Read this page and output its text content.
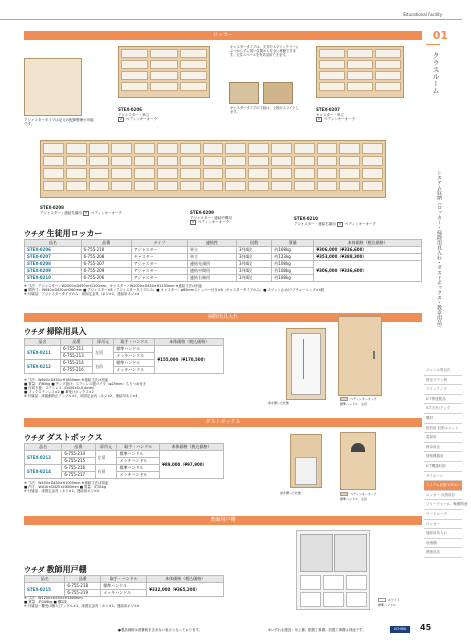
Educational Facility
01
クラスルーム
システム収納（ロッカー・掃除用具入れ・ダストボックス・教卓用品）
ジャンル別目次
教室プラン例
ラインアップ
ICT関連製品
ICT天吊/ラック
機材
配信用 収納ユニット
電源用
教卓用品
情報機器用
ICT機器収納
サイネージ
システム収納 STEXシリーズ
ロッカー 収納用品
フリーウォール、軸棚関連
ワードロープ
ロッカー
掃除用具入れ
収納棚
関連用品
ロッカー
アジャスタータイプは足元の配線整理が可能です。
キャスタータイプは、天井やスプリンクラーにぶつからずに低い位置から安全に移動できます。天井スペースを有効活用できます。
キャスタータイプの下段は、上段がスライドします。
STEX-0206
アジャスター・単立
2 ペディンキーオーク
STEX-0207
キャスター・単立
2 ペディンキーオーク
STEX-0208
アジャスター・連結先頭用 3 ペディンキーオーク	STEX-0209
アジャスター・連結中間用
2 ペディンキーオーク
STEX-0210
アジャスター・連結右端用 3 ペディンキーオーク
ウチダ 生徒用ロッカー
品名	品番	タイプ	連結性	段数	質量	本体価格（税込価格）
STEX-0206	6-755-210	アジャスター	単立	3列4段	約108kg	¥306,000（¥336,600）
STEX-0207	6-755-208	キャスター	単立	3列4段	約123kg	¥353,000（¥388,300）
STEX-0208	6-755-207	アジャスター	連結先頭用	3列4段	約108kg	¥306,000（¥336,600）
STEX-0209	6-755-209	アジャスター	連結中間用	3列4段	約108kg	
STEX-0210	6-755-206	アジャスター	連結右端用	3列4段	約108kg	
※ 寸法：アジャスター／W2000×D450×H1200mm、キャスター／W2000×D450×H1230mm ※連結寸法は別途
■ 間内寸：W640×D420×H260mm ■ アジャスター×8（アジャスタータイプのみ）■ キャスター：φ60mmストッパー付き×6（キャスタータイプのみ）■ スツット止め/ラフチューニング×4段
※ 付属品：アジャスタータイプのみ：床固定金具（ネジ×2、連結用ネジ×4
掃除用具入れ
ウチダ 掃除用具入
品名	品番	扉吊元	取手・ハンドル	本体価格（税込価格）
STEX-0211	6-755-211	左吊	標準ハンドル	¥155,000（¥170,500）
	6-755-213		メッキハンドル	
STEX-0212	6-755-214	右吊	標準ハンドル	
	6-755-216		メッキハンドル	
※ 寸法：W600×D450×H1800mm ※連結寸法は別途
■ 質量：約60kg ■ モップ掛け：ステンレス製パイプ（φ25mm）ちりつめ付き
■ 仕切り板：ステンレス（D430×D-0.4mm）
■ フックステンレス×2 ■ 傘受けボックス×2
※ 付属品：床振動防止アングル×1、床固定金具（ネジ×2、連結用ネジ×4
扉を開いた状態
ペディンキーオーク
標準ハンドル　左吊
ダストボックス
ウチダ ダストボックス
品名	品番	扉吊元	取手・ハンドル	本体価格（税込価格）
STEX-0213	6-755-214	左吊	標準ハンドル	¥89,000（¥97,900）
	6-755-215		メッキハンドル	
STEX-0214	6-755-216	右吊	標準ハンドル	
	6-755-217		メッキハンドル	
※ 寸法：W450×D450×H1000mm ※連結寸法は別途
■ 内寸：W410×D425×H800mm ■ 質量：約31kg
※ 付属品：床固定金具（ネジ×2、連結用ネジ×4	扉を開いた状態	ペディンキーオーク
標準ハンドル　左吊
教師用戸棚
ウチダ 教師用戸棚
品名	品番	取手・ハンドル	本体価格（税込価格）
STEX-0215	6-755-218	標準ハンドル	¥332,000（¥365,200）
	6-755-219	メッキハンドル	
※ 寸法：W1200×D550×H1800mm
■ 質量：約106kg ■ 棚2段
※ 付属品：棚受(3個入)アングル×1、床固定金具（ネジ×2、連結用ネジ×4
ホワイト
標準ハンドル
●製品価格は消費税を含まない表示となっております。	※いずれも運送・吊上費、据置工事費、設置工事費は別途です。	UCHIDA	45
